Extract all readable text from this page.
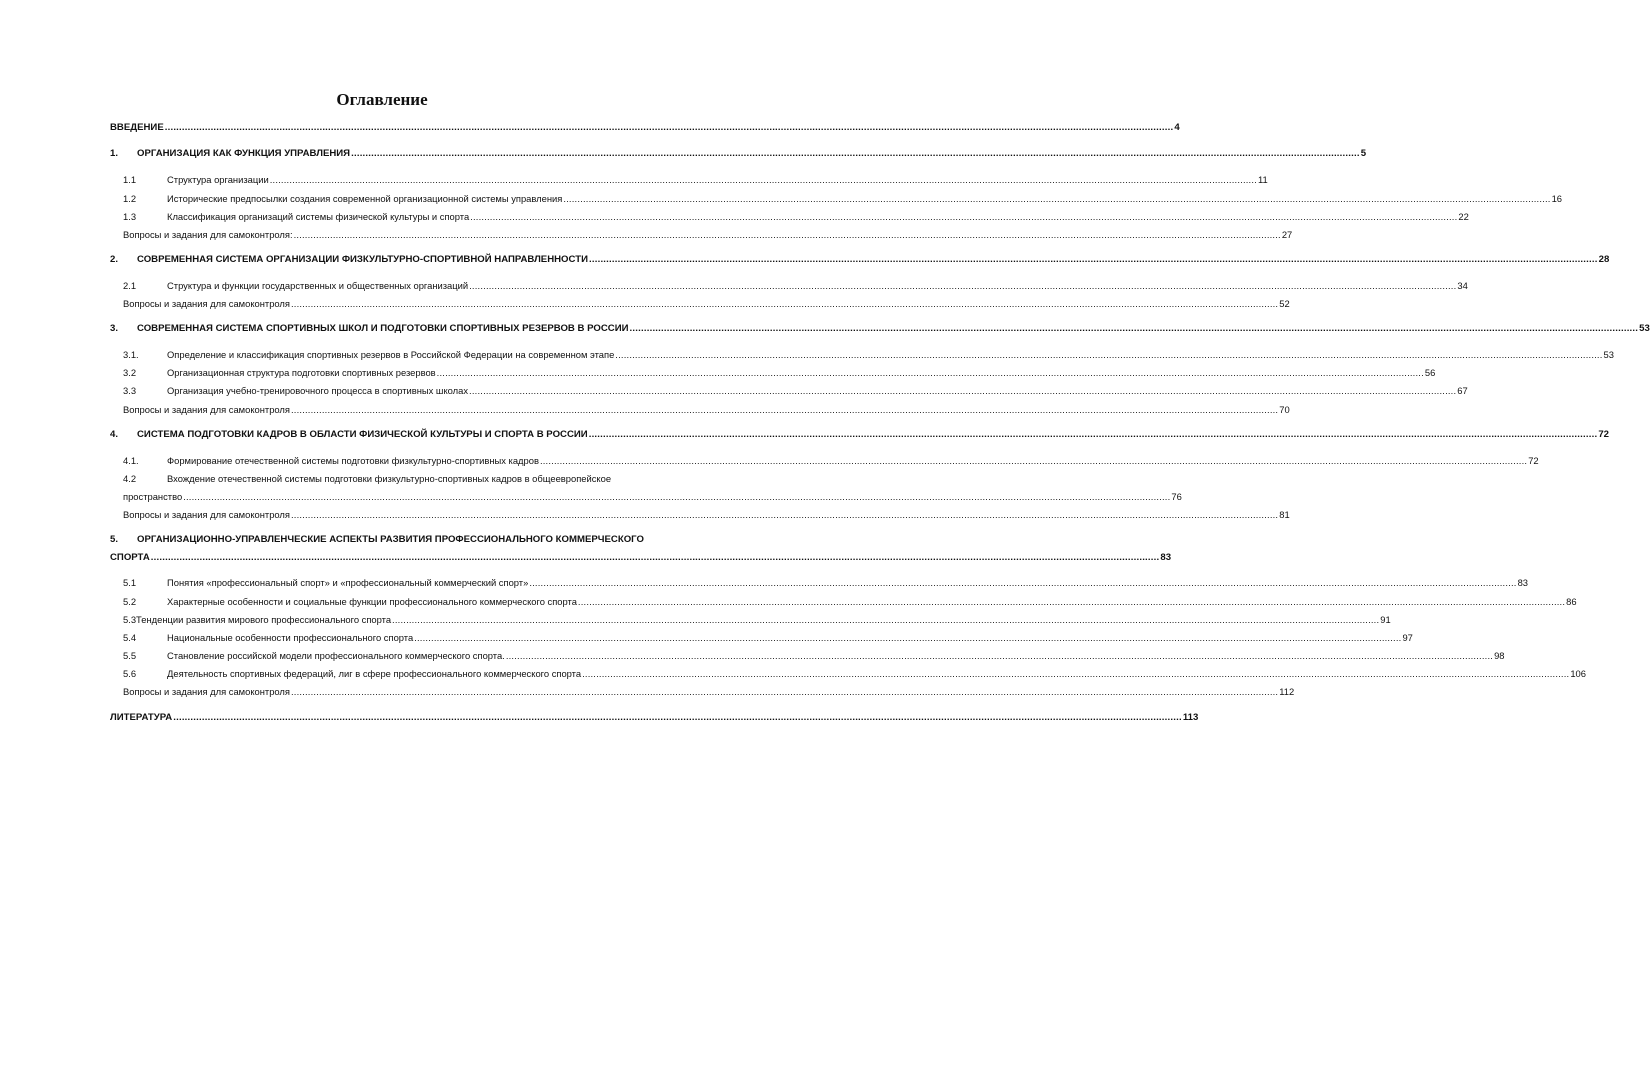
Оглавление
ВВЕДЕНИЕ .....	4
1.	ОРГАНИЗАЦИЯ КАК ФУНКЦИЯ УПРАВЛЕНИЯ .....	5
1.1	Структура организации .....	11
1.2	Исторические предпосылки создания современной организационной системы управления .....	16
1.3	Классификация организаций системы физической культуры и спорта .....	22
Вопросы и задания для самоконтроля: .....	27
2.	СОВРЕМЕННАЯ СИСТЕМА ОРГАНИЗАЦИИ ФИЗКУЛЬТУРНО-СПОРТИВНОЙ НАПРАВЛЕННОСТИ .....	28
2.1	Структура и функции государственных и общественных организаций .....	34
Вопросы и задания для самоконтроля .....	52
3.	СОВРЕМЕННАЯ СИСТЕМА СПОРТИВНЫХ ШКОЛ И ПОДГОТОВКИ СПОРТИВНЫХ РЕЗЕРВОВ В РОССИИ .....	53
3.1.	Определение и классификация спортивных резервов в Российской Федерации на современном этапе .....	53
3.2	Организационная структура подготовки спортивных резервов .....	56
3.3	Организация учебно-тренировочного процесса в спортивных школах .....	67
Вопросы и задания для самоконтроля .....	70
4.	СИСТЕМА ПОДГОТОВКИ КАДРОВ В ОБЛАСТИ ФИЗИЧЕСКОЙ КУЛЬТУРЫ И СПОРТА В РОССИИ .....	72
4.1.	Формирование отечественной системы подготовки физкультурно-спортивных кадров .....	72
4.2	Вхождение отечественной системы подготовки физкультурно-спортивных кадров в общеевропейское
пространство .....	76
Вопросы и задания для самоконтроля .....	81
5. ОРГАНИЗАЦИОННО-УПРАВЛЕНЧЕСКИЕ АСПЕКТЫ РАЗВИТИЯ ПРОФЕССИОНАЛЬНОГО КОММЕРЧЕСКОГО
СПОРТА .....	83
5.1	Понятия «профессиональный спорт» и «профессиональный коммерческий спорт» .....	83
5.2	Характерные особенности и социальные функции профессионального коммерческого спорта .....	86
5.3 Тенденции развития мирового профессионального спорта .....	91
5.4	Национальные особенности профессионального спорта .....	97
5.5	Становление российской модели профессионального коммерческого спорта. .....	98
5.6	Деятельность спортивных федераций, лиг в сфере профессионального коммерческого спорта .....	106
Вопросы и задания для самоконтроля .....	112
ЛИТЕРАТУРА .....	113
